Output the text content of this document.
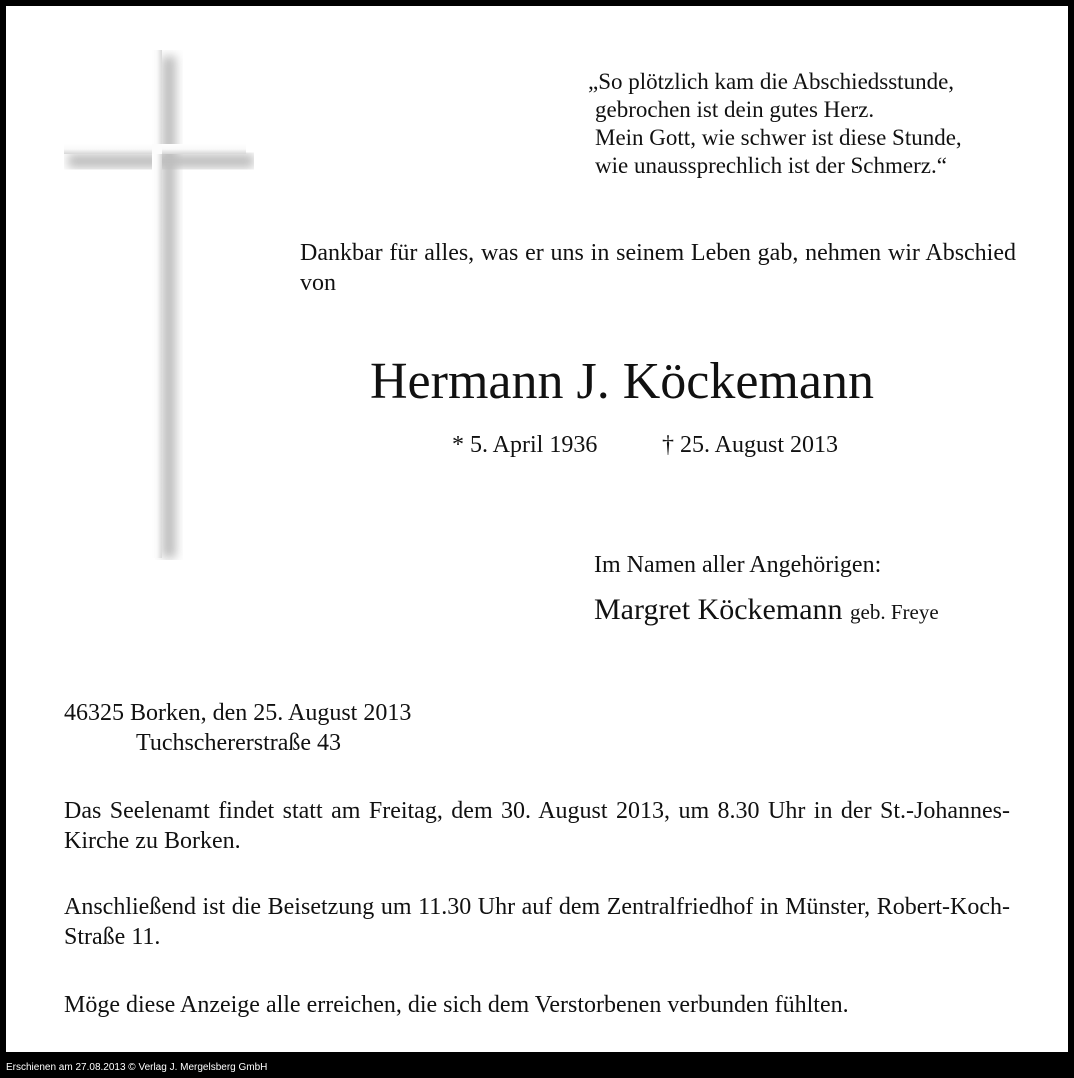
„So plötzlich kam die Abschiedsstunde,
gebrochen ist dein gutes Herz.
Mein Gott, wie schwer ist diese Stunde,
wie unaussprechlich ist der Schmerz.“
Dankbar für alles, was er uns in seinem Leben gab, nehmen wir Abschied von
Hermann J. Köckemann
* 5. April 1936	† 25. August 2013
Im Namen aller Angehörigen:
Margret Köckemann geb. Freye
46325 Borken, den 25. August 2013
Tuchschererstraße 43
Das Seelenamt findet statt am Freitag, dem 30. August 2013, um 8.30 Uhr in der St.-Johannes-Kirche zu Borken.
Anschließend ist die Beisetzung um 11.30 Uhr auf dem Zentralfriedhof in Münster, Robert-Koch-Straße 11.
Möge diese Anzeige alle erreichen, die sich dem Verstorbenen verbunden fühlten.
Erschienen am 27.08.2013 © Verlag J. Mergelsberg GmbH
